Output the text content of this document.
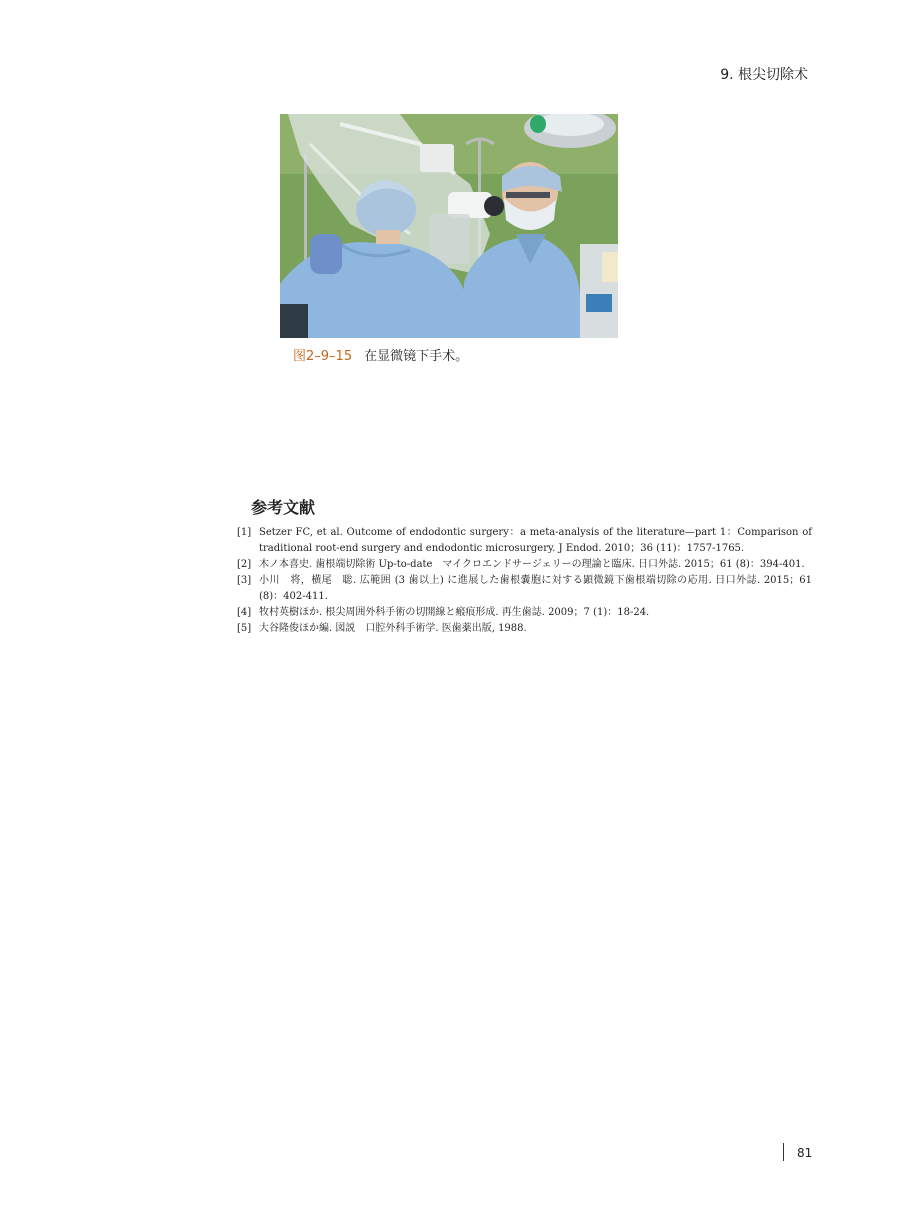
9. 根尖切除术
图2–9–15 在显微镜下手术。
参考文献
[1] Setzer FC, et al. Outcome of endodontic surgery：a meta-analysis of the literature—part 1：Comparison of traditional root-end surgery and endodontic microsurgery. J Endod. 2010；36 (11)：1757-1765.
[2] 木ノ本喜史. 歯根端切除術 Up-to-date　マイクロエンドサージェリーの理論と臨床. 日口外誌. 2015；61 (8)：394-401.
[3] 小川　将，横尾　聡. 広範囲 (3 歯以上) に進展した歯根嚢胞に対する顕微鏡下歯根端切除の応用. 日口外誌. 2015；61 (8)：402-411.
[4] 牧村英樹ほか. 根尖周囲外科手術の切開線と瘢痕形成. 再生歯誌. 2009；7 (1)：18-24.
[5] 大谷隆俊ほか編. 図説　口腔外科手術学. 医歯薬出版, 1988.
81
